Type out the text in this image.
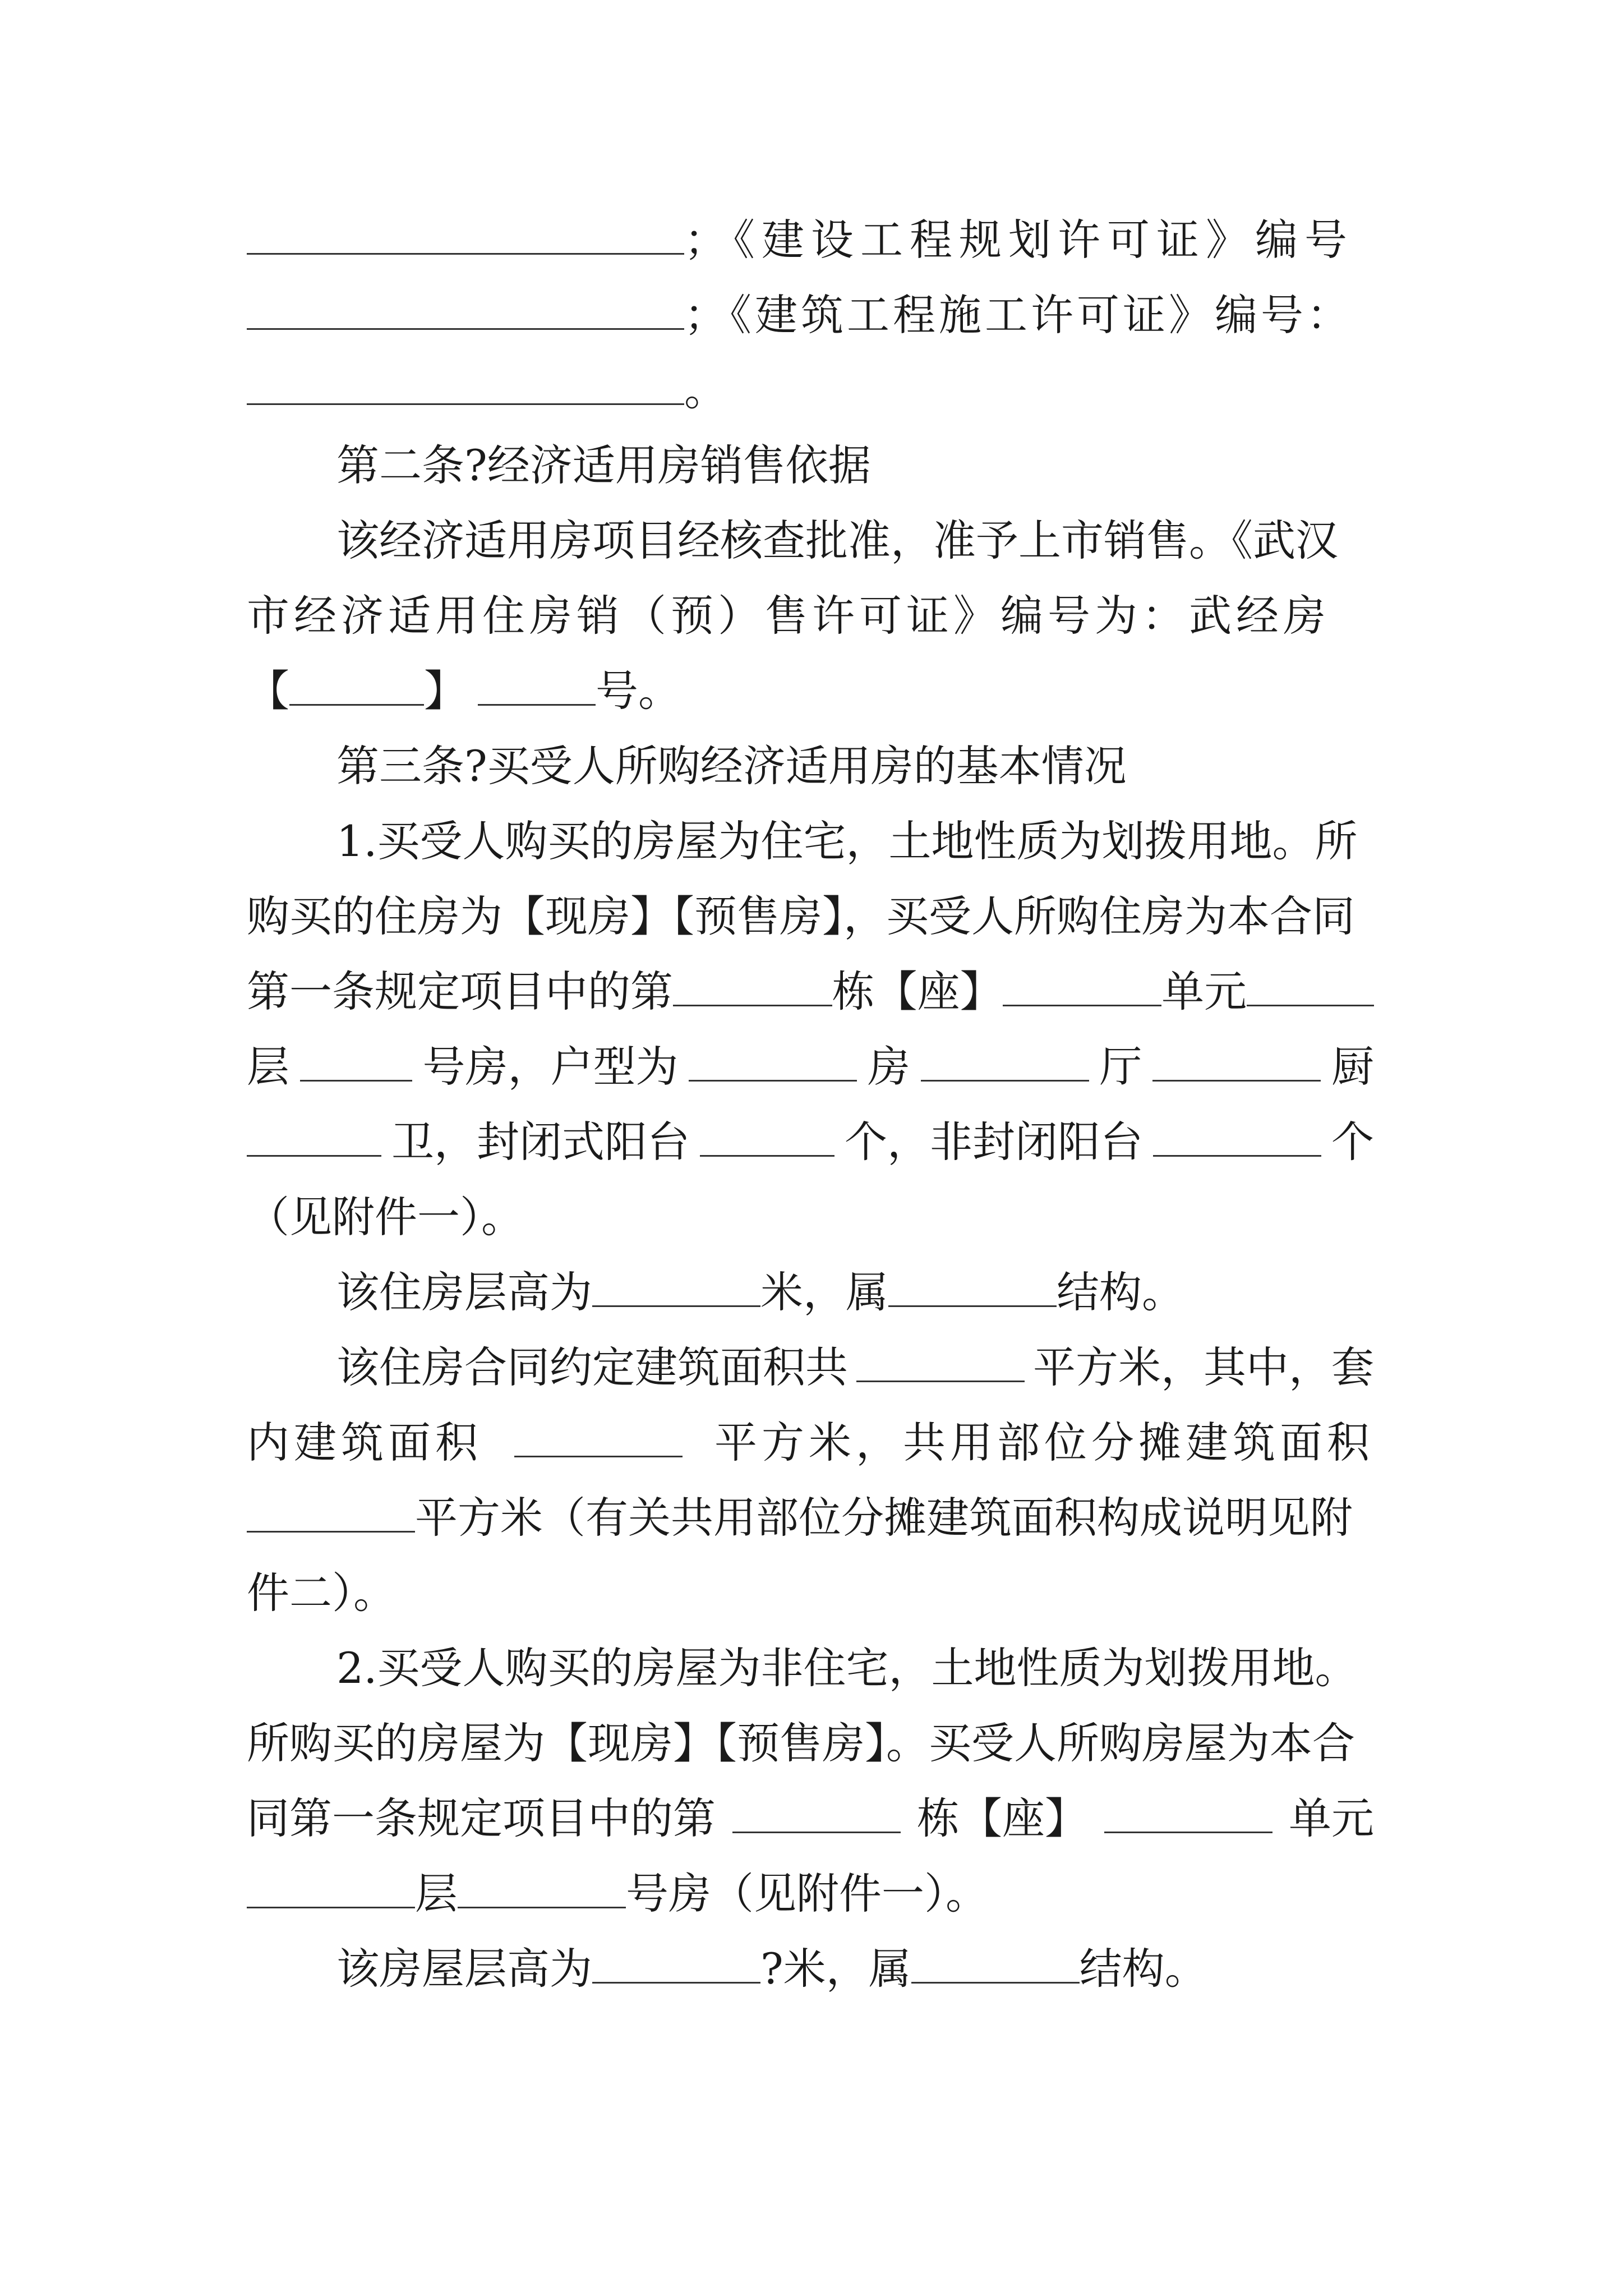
；《建设工程规划许可证》编号
；《建筑工程施工许可证》编号：
。
第二条?经济适用房销售依据
该经济适用房项目经核查批准，准予上市销售。《武汉
市经济适用住房销（预）售许可证》编号为：武经房
【	】	号。
第三条?买受人所购经济适用房的基本情况
1.买受人购买的房屋为住宅，土地性质为划拨用地。所
购买的住房为【现房】【预售房】，买受人所购住房为本合同
第一条规定项目中的第	栋【座】	单元
层	号房，户型为	房	厅	厨
卫，封闭式阳台	个，非封闭阳台	个
（见附件一）。
该住房层高为	米，属	结构。
该住房合同约定建筑面积共	平方米，其中，套
内建筑面积	平方米，共用部位分摊建筑面积
平方米（有关共用部位分摊建筑面积构成说明见附
件二）。
2.买受人购买的房屋为非住宅，土地性质为划拨用地。
所购买的房屋为【现房】【预售房】。买受人所购房屋为本合
同第一条规定项目中的第	栋【座】	单元
层	号房（见附件一）。
该房屋层高为	?米，属	结构。
